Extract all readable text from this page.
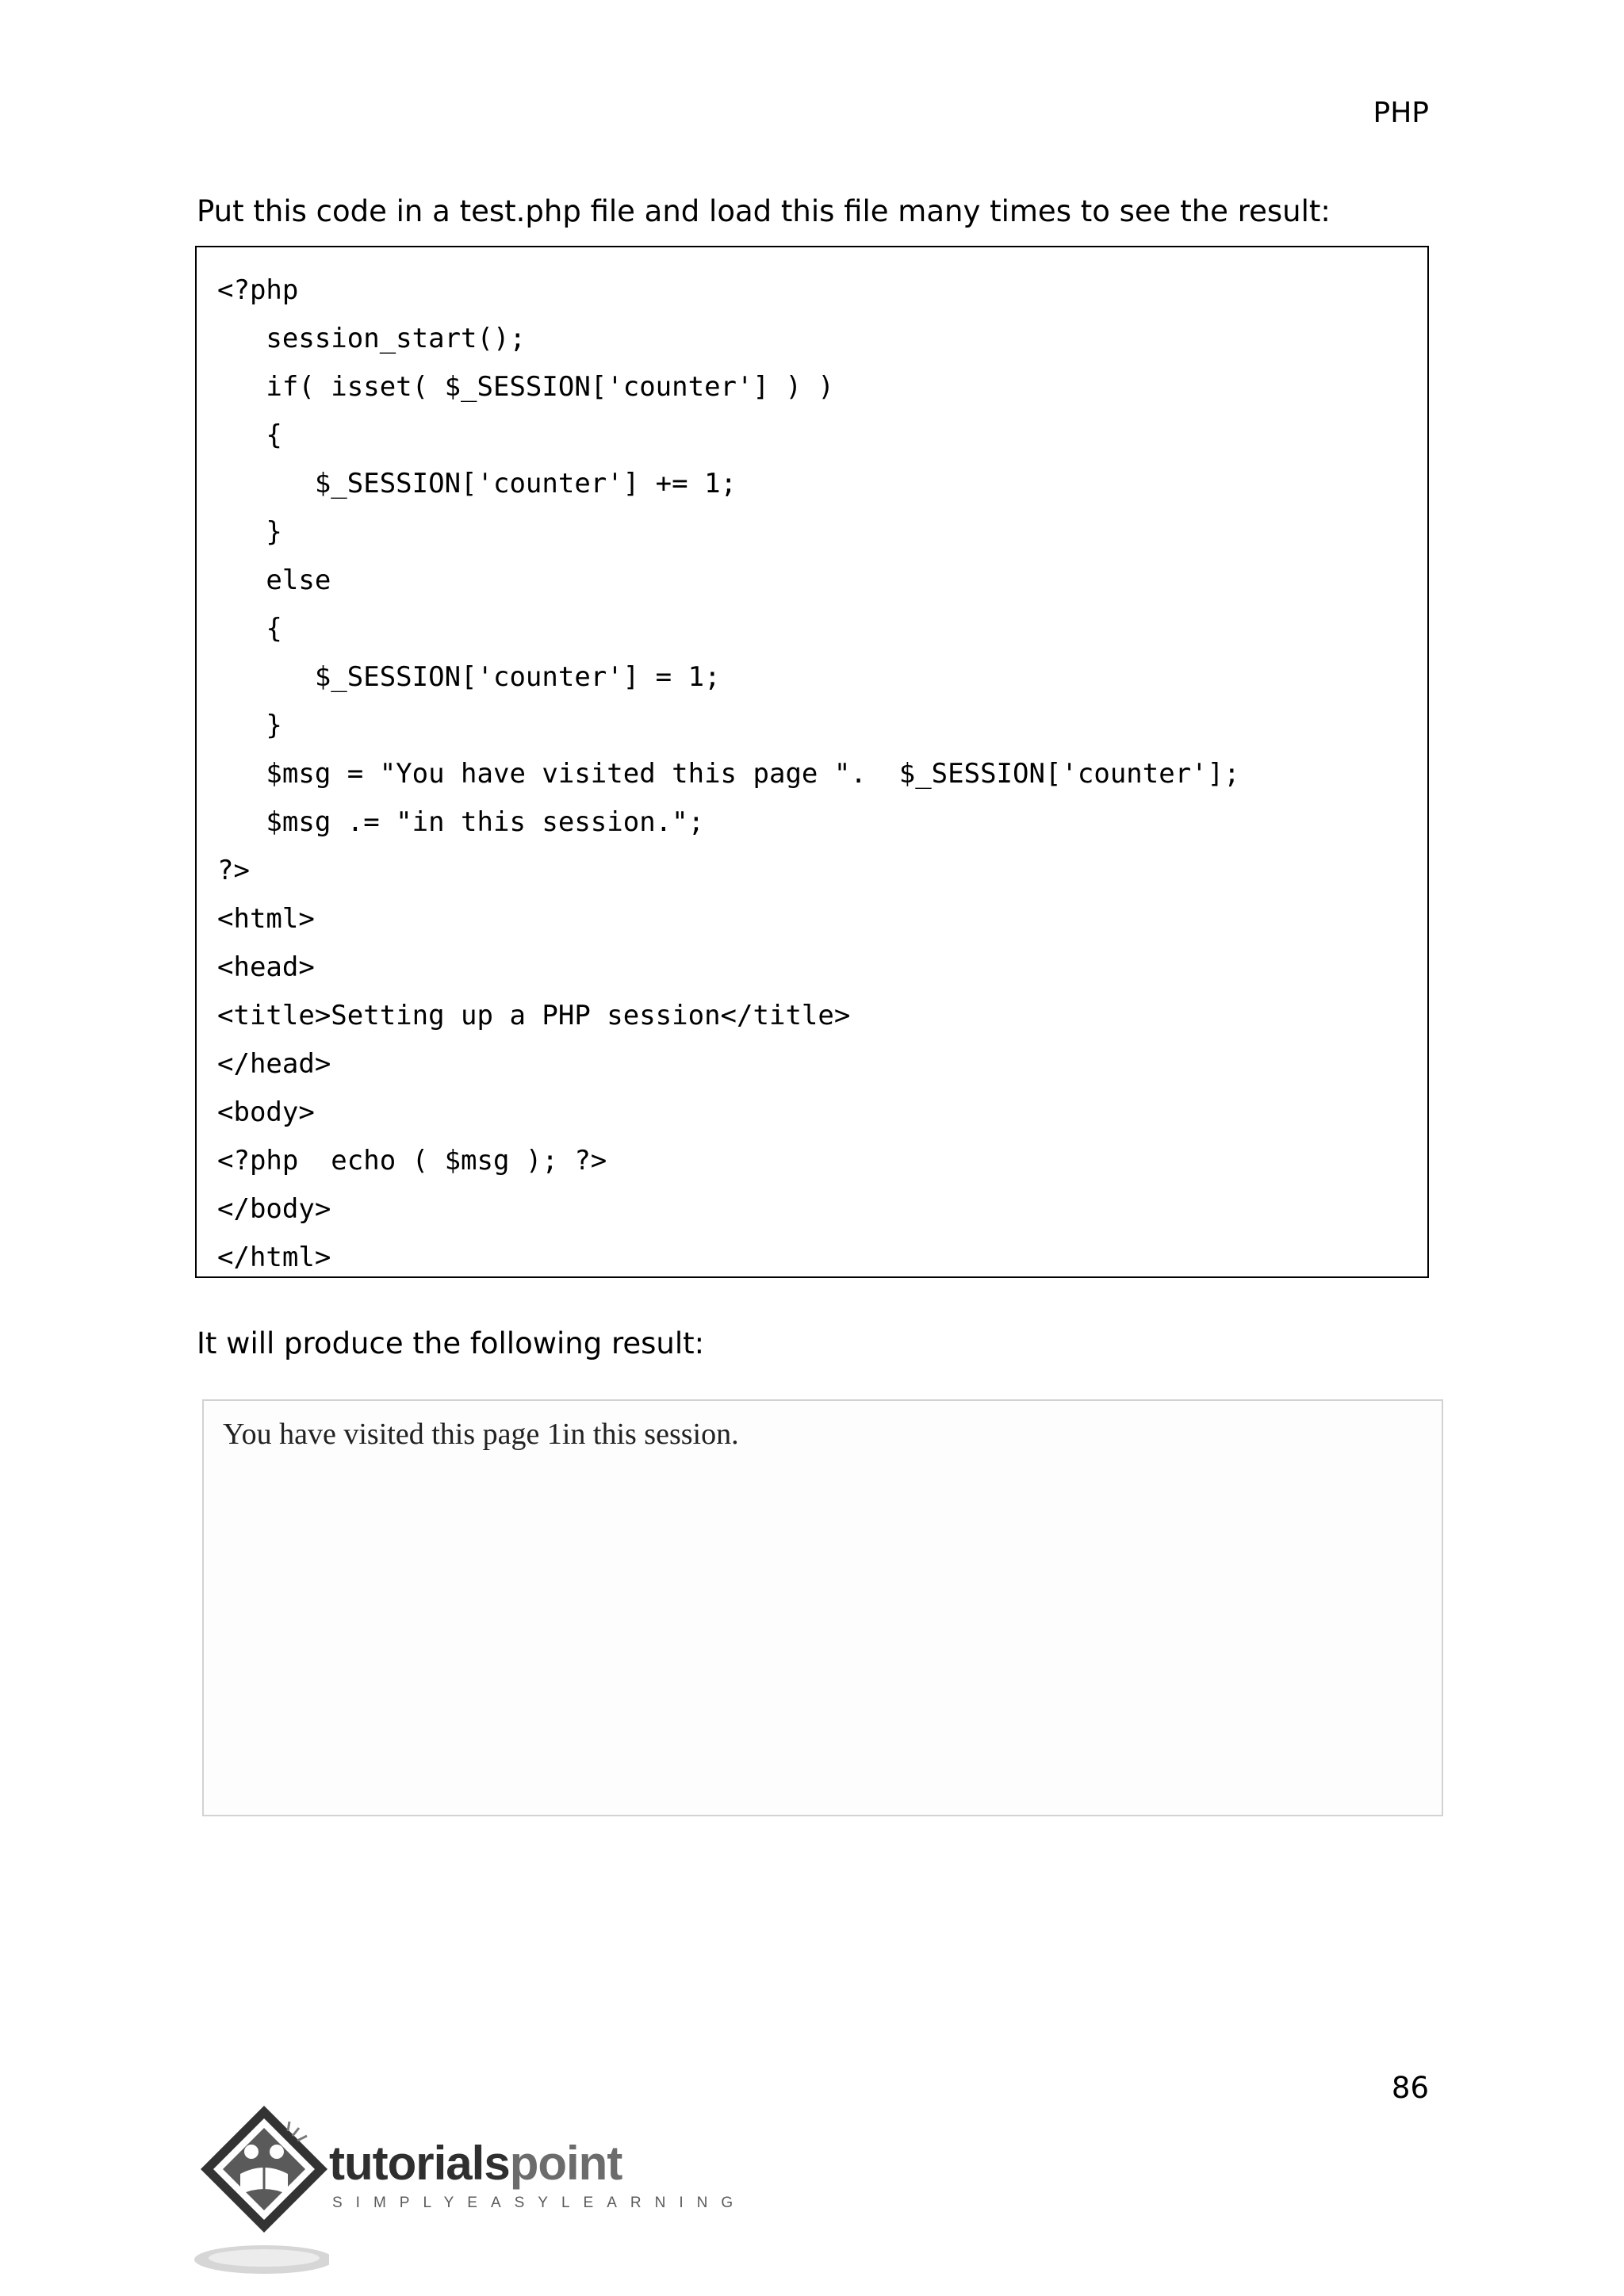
PHP
Put this code in a test.php file and load this file many times to see the result:
<?php
session_start();
if( isset( $_SESSION['counter'] ) )
{
$_SESSION['counter'] += 1;
}
else
{
$_SESSION['counter'] = 1;
}
$msg = "You have visited this page ".  $_SESSION['counter'];
$msg .= "in this session.";
?>
<html>
<head>
<title>Setting up a PHP session</title>
</head>
<body>
<?php  echo ( $msg ); ?>
</body>
</html>
It will produce the following result:
You have visited this page 1in this session.
86
tutorialspoint
SIMPLYEASYLEARNING
